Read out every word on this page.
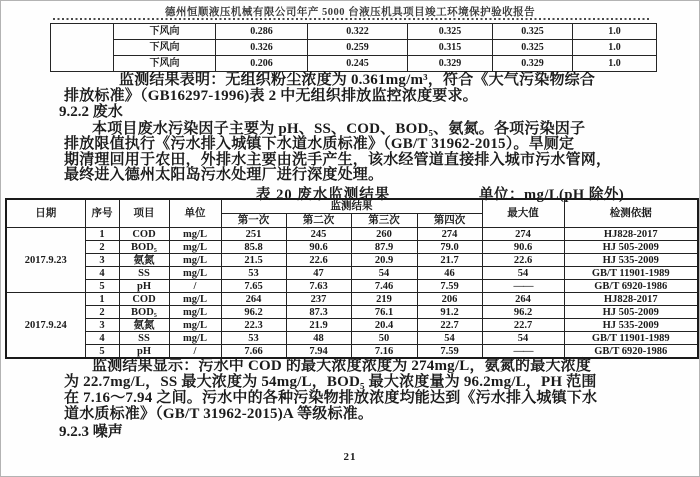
德州恒顺液压机械有限公司年产 5000 台液压机具项目竣工环境保护验收报告
	下风向	0.286	0.322	0.325	0.325	1.0
	下风向	0.326	0.259	0.315	0.325	1.0
	下风向	0.206	0.245	0.329	0.329	1.0
监测结果表明：无组织粉尘浓度为 0.361mg/m³，符合《大气污染物综合
排放标准》（GB16297-1996)表 2 中无组织排放监控浓度要求。
9.2.2 废水
本项目废水污染因子主要为 pH、SS、COD、BOD₅、氨氮。各项污染因子
排放限值执行《污水排入城镇下水道水质标准》（GB/T 31962-2015）。旱厕定
期清理回用于农田，外排水主要由洗手产生，该水经管道直接排入城市污水管网，
最终进入德州太阳岛污水处理厂进行深度处理。
表 20 废水监测结果	单位：mg/L(pH 除外)
日期	序号	项目	单位	监测结果				最大值	检测依据
				第一次	第二次	第三次	第四次		
2017.9.23	1	COD	mg/L	251	245	260	274	274	HJ828-2017
	2	BOD₅	mg/L	85.8	90.6	87.9	79.0	90.6	HJ 505-2009
	3	氨氮	mg/L	21.5	22.6	20.9	21.7	22.6	HJ 535-2009
	4	SS	mg/L	53	47	54	46	54	GB/T 11901-1989
	5	pH	/	7.65	7.63	7.46	7.59	——	GB/T 6920-1986
2017.9.24	1	COD	mg/L	264	237	219	206	264	HJ828-2017
	2	BOD₅	mg/L	96.2	87.3	76.1	91.2	96.2	HJ 505-2009
	3	氨氮	mg/L	22.3	21.9	20.4	22.7	22.7	HJ 535-2009
	4	SS	mg/L	53	48	50	54	54	GB/T 11901-1989
	5	pH	/	7.66	7.94	7.16	7.59	——	GB/T 6920-1986
监测结果显示：污水中 COD 的最大浓度浓度为 274mg/L，氨氮的最大浓度
为 22.7mg/L，SS 最大浓度为 54mg/L，BOD₅ 最大浓度量为 96.2mg/L，PH 范围
在 7.16～7.94 之间。污水中的各种污染物排放浓度均能达到《污水排入城镇下水
道水质标准》（GB/T 31962-2015)A 等级标准。
9.2.3 噪声
21
